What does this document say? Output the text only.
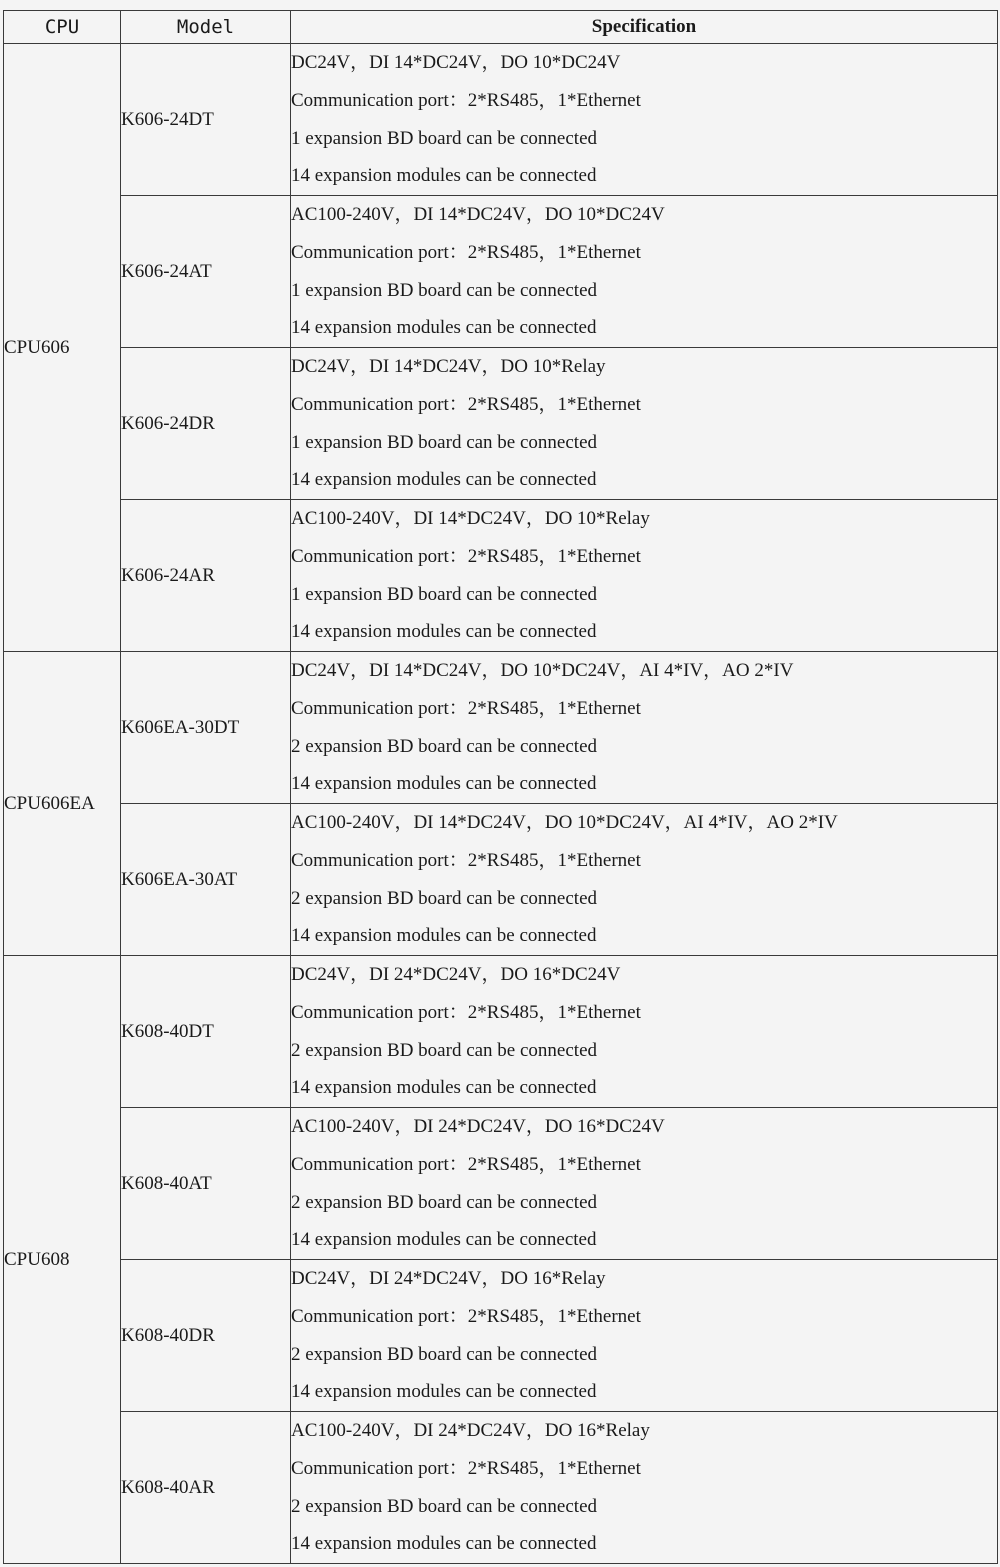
CPU	Model	Specification
CPU606	K606-24DT	DC24V，DI 14*DC24V，DO 10*DC24V
Communication port：2*RS485，1*Ethernet
1 expansion BD board can be connected
14 expansion modules can be connected

	K606-24AT	AC100-240V，DI 14*DC24V，DO 10*DC24V
Communication port：2*RS485，1*Ethernet
1 expansion BD board can be connected
14 expansion modules can be connected

	K606-24DR	DC24V，DI 14*DC24V，DO 10*Relay
Communication port：2*RS485，1*Ethernet
1 expansion BD board can be connected
14 expansion modules can be connected

	K606-24AR	AC100-240V，DI 14*DC24V，DO 10*Relay
Communication port：2*RS485，1*Ethernet
1 expansion BD board can be connected
14 expansion modules can be connected

CPU606EA	K606EA-30DT	DC24V，DI 14*DC24V，DO 10*DC24V，AI 4*IV，AO 2*IV
Communication port：2*RS485，1*Ethernet
2 expansion BD board can be connected
14 expansion modules can be connected

	K606EA-30AT	AC100-240V，DI 14*DC24V，DO 10*DC24V，AI 4*IV，AO 2*IV
Communication port：2*RS485，1*Ethernet
2 expansion BD board can be connected
14 expansion modules can be connected

CPU608	K608-40DT	DC24V，DI 24*DC24V，DO 16*DC24V
Communication port：2*RS485，1*Ethernet
2 expansion BD board can be connected
14 expansion modules can be connected

	K608-40AT	AC100-240V，DI 24*DC24V，DO 16*DC24V
Communication port：2*RS485，1*Ethernet
2 expansion BD board can be connected
14 expansion modules can be connected

	K608-40DR	DC24V，DI 24*DC24V，DO 16*Relay
Communication port：2*RS485，1*Ethernet
2 expansion BD board can be connected
14 expansion modules can be connected

	K608-40AR	AC100-240V，DI 24*DC24V，DO 16*Relay
Communication port：2*RS485，1*Ethernet
2 expansion BD board can be connected
14 expansion modules can be connected
